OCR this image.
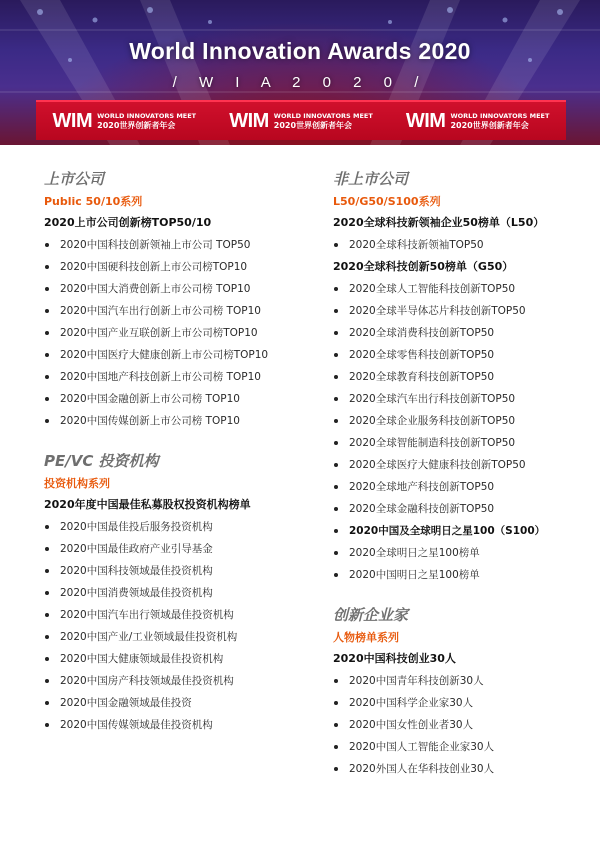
World Innovation Awards 2020
/ W I A 2 0 2 0 /
WIM WORLD INNOVATORS MEET
2020世界创新者年会	WIM WORLD INNOVATORS MEET
2020世界创新者年会	WIM WORLD INNOVATORS MEET
2020世界创新者年会
上市公司
Public 50/10系列
2020上市公司创新榜TOP50/10
2020中国科技创新领袖上市公司 TOP50
2020中国硬科技创新上市公司榜TOP10
2020中国大消费创新上市公司榜 TOP10
2020中国汽车出行创新上市公司榜 TOP10
2020中国产业互联创新上市公司榜TOP10
2020中国医疗大健康创新上市公司榜TOP10
2020中国地产科技创新上市公司榜 TOP10
2020中国金融创新上市公司榜 TOP10
2020中国传媒创新上市公司榜 TOP10
PE/VC 投资机构
投资机构系列
2020年度中国最佳私募股权投资机构榜单
2020中国最佳投后服务投资机构
2020中国最佳政府产业引导基金
2020中国科技领域最佳投资机构
2020中国消费领域最佳投资机构
2020中国汽车出行领域最佳投资机构
2020中国产业/工业领域最佳投资机构
2020中国大健康领域最佳投资机构
2020中国房产科技领域最佳投资机构
2020中国金融领域最佳投资
2020中国传媒领域最佳投资机构
非上市公司
L50/G50/S100系列
2020全球科技新领袖企业50榜单（L50）
2020全球科技新领袖TOP50
2020全球科技创新50榜单（G50）
2020全球人工智能科技创新TOP50
2020全球半导体芯片科技创新TOP50
2020全球消费科技创新TOP50
2020全球零售科技创新TOP50
2020全球教育科技创新TOP50
2020全球汽车出行科技创新TOP50
2020全球企业服务科技创新TOP50
2020全球智能制造科技创新TOP50
2020全球医疗大健康科技创新TOP50
2020全球地产科技创新TOP50
2020全球金融科技创新TOP50
2020中国及全球明日之星100（S100）
2020全球明日之星100榜单
2020中国明日之星100榜单
创新企业家
人物榜单系列
2020中国科技创业30人
2020中国青年科技创新30人
2020中国科学企业家30人
2020中国女性创业者30人
2020中国人工智能企业家30人
2020外国人在华科技创业30人
